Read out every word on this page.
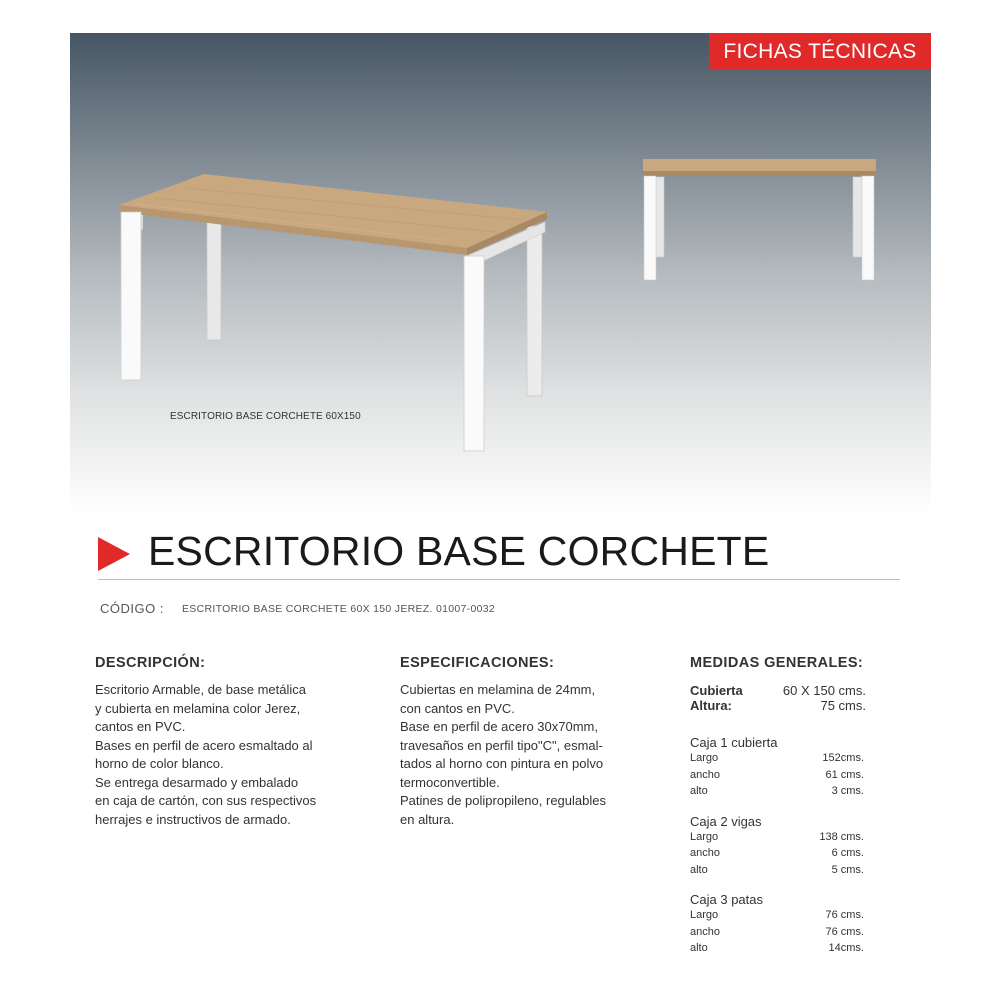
FICHAS TÉCNICAS
ESCRITORIO BASE CORCHETE 60X150
ESCRITORIO BASE CORCHETE
CÓDIGO : ESCRITORIO BASE CORCHETE 60X 150 JEREZ. 01007-0032
DESCRIPCIÓN:

Escritorio Armable, de base metálica
y cubierta en melamina color Jerez,
cantos en PVC.
Bases en perfil de acero esmaltado al
horno de color blanco.
Se entrega desarmado y embalado
en caja de cartón, con sus respectivos
herrajes e instructivos de armado.

ESPECIFICACIONES:

Cubiertas en melamina de 24mm,
con cantos en PVC.
Base en perfil de acero 30x70mm,
travesaños en perfil tipo"C", esmal-
tados al horno con pintura en polvo
termoconvertible.
Patines de polipropileno, regulables
en altura.

MEDIDAS GENERALES:
Cubierta	60 X 150 cms.
Altura:	75 cms.
Caja 1 cubierta
Largo	152cms.
ancho	61 cms.
alto	3 cms.
Caja 2 vigas
Largo	138 cms.
ancho	6 cms.
alto	5 cms.
Caja 3 patas
Largo	76 cms.
ancho	76 cms.
alto	14cms.
